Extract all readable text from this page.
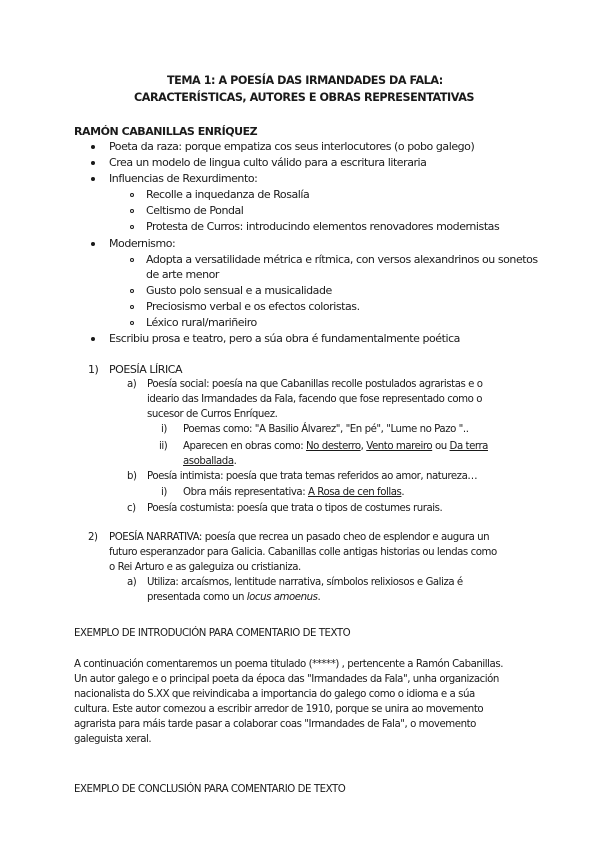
TEMA 1: A POESÍA DAS IRMANDADES DA FALA:
CARACTERÍSTICAS, AUTORES E OBRAS REPRESENTATIVAS
RAMÓN CABANILLAS ENRÍQUEZ
Poeta da raza: porque empatiza cos seus interlocutores (o pobo galego)
Crea un modelo de lingua culto válido para a escritura literaria
Influencias de Rexurdimento:
Recolle a inquedanza de Rosalía
Celtismo de Pondal
Protesta de Curros: introducindo elementos renovadores modernistas
Modernismo:
Adopta a versatilidade métrica e rítmica, con versos alexandrinos ou sonetos
de arte menor
Gusto polo sensual e a musicalidade
Preciosismo verbal e os efectos coloristas.
Léxico rural/mariñeiro
Escribiu prosa e teatro, pero a súa obra é fundamentalmente poética
1) POESÍA LÍRICA
a) Poesía social: poesía na que Cabanillas recolle postulados agraristas e o
ideario das Irmandades da Fala, facendo que fose representado como o
sucesor de Curros Enríquez.
i) Poemas como: "A Basilio Álvarez", "En pé", "Lume no Pazo "..
ii) Aparecen en obras como: No desterro, Vento mareiro ou Da terra
asoballada.
b) Poesía intimista: poesía que trata temas referidos ao amor, natureza…
i) Obra máis representativa: A Rosa de cen follas.
c) Poesía costumista: poesía que trata o tipos de costumes rurais.
2) POESÍA NARRATIVA: poesía que recrea un pasado cheo de esplendor e augura un
futuro esperanzador para Galicia. Cabanillas colle antigas historias ou lendas como
o Rei Arturo e as galeguiza ou cristianiza.
a) Utiliza: arcaísmos, lentitude narrativa, símbolos relixiosos e Galiza é
presentada como un locus amoenus.
EXEMPLO DE INTRODUCIÓN PARA COMENTARIO DE TEXTO
A continuación comentaremos un poema titulado (*****) , pertencente a Ramón Cabanillas.
Un autor galego e o principal poeta da época das "Irmandades da Fala", unha organización
nacionalista do S.XX que reivindicaba a importancia do galego como o idioma e a súa
cultura. Este autor comezou a escribir arredor de 1910, porque se unira ao movemento
agrarista para máis tarde pasar a colaborar coas "Irmandades de Fala", o movemento
galeguista xeral.
EXEMPLO DE CONCLUSIÓN PARA COMENTARIO DE TEXTO
